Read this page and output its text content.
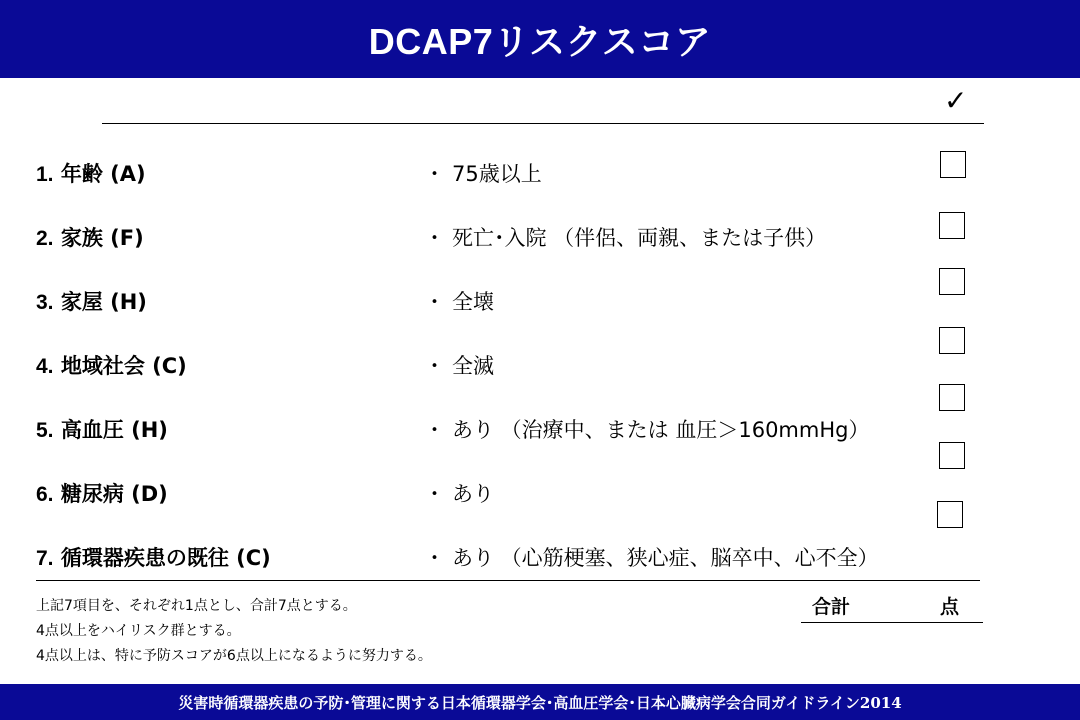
DCAP7リスクスコア
✓
1. 年齢 (A)	・ 75歳以上
2. 家族 (F)	・ 死亡･入院 （伴侶、両親、または子供）
3. 家屋 (H)	・ 全壊
4. 地域社会 (C)	・ 全滅
5. 高血圧 (H)	・ あり （治療中、または 血圧＞160mmHg）
6. 糖尿病 (D)	・ あり
7. 循環器疾患の既往 (C)	・ あり （心筋梗塞、狭心症、脳卒中、心不全）
上記7項目を、それぞれ1点とし、合計7点とする。
4点以上をハイリスク群とする。
4点以上は、特に予防スコアが6点以上になるように努力する。
合計	点
災害時循環器疾患の予防･管理に関する日本循環器学会･高血圧学会･日本心臓病学会合同ガイドライン2014
